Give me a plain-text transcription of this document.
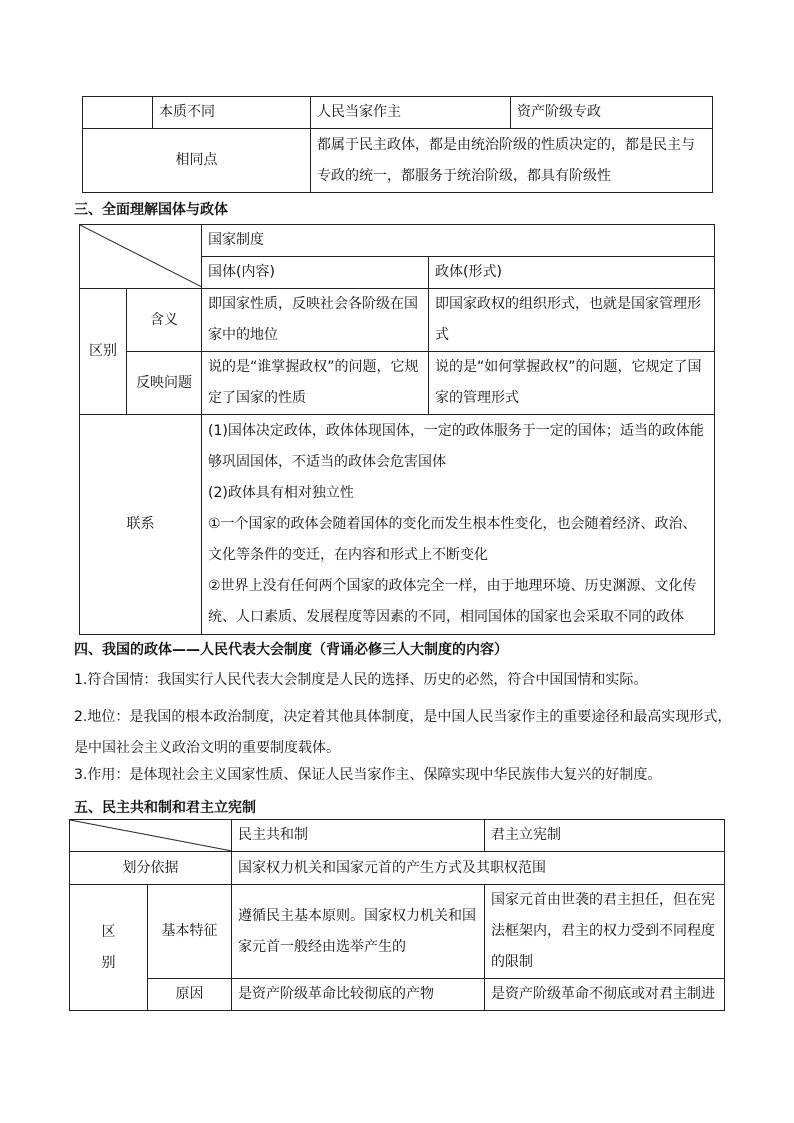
	本质不同	人民当家作主	资产阶级专政
相同点		都属于民主政体，都是由统治阶级的性质决定的，都是民主与专政的统一，都服务于统治阶级，都具有阶级性	
三、全面理解国体与政体
	国家制度	
		国体(内容)	政体(形式)
区别	含义	即国家性质，反映社会各阶级在国家中的地位	即国家政权的组织形式，也就是国家管理形式
	反映问题	说的是“谁掌握政权”的问题，它规定了国家的性质	说的是“如何掌握政权”的问题，它规定了国家的管理形式
联系		(1)国体决定政体，政体体现国体，一定的政体服务于一定的国体；适当的政体能够巩固国体，不适当的政体会危害国体
(2)政体具有相对独立性
①一个国家的政体会随着国体的变化而发生根本性变化，也会随着经济、政治、文化等条件的变迁，在内容和形式上不断变化
②世界上没有任何两个国家的政体完全一样，由于地理环境、历史渊源、文化传统、人口素质、发展程度等因素的不同，相同国体的国家也会采取不同的政体	
四、我国的政体——人民代表大会制度（背诵必修三人大制度的内容）
1.符合国情：我国实行人民代表大会制度是人民的选择、历史的必然，符合中国国情和实际。
2.地位：是我国的根本政治制度，决定着其他具体制度，是中国人民当家作主的重要途径和最高实现形式，是中国社会主义政治文明的重要制度载体。
3.作用：是体现社会主义国家性质、保证人民当家作主、保障实现中华民族伟大复兴的好制度。
五、民主共和制和君主立宪制
	民主共和制	君主立宪制
划分依据		国家权力机关和国家元首的产生方式及其职权范围	

区
别	基本特征	遵循民主基本原则。国家权力机关和国家元首一般经由选举产生的	国家元首由世袭的君主担任，但在宪法框架内，君主的权力受到不同程度的限制
	原因	是资产阶级革命比较彻底的产物	是资产阶级革命不彻底或对君主制进
